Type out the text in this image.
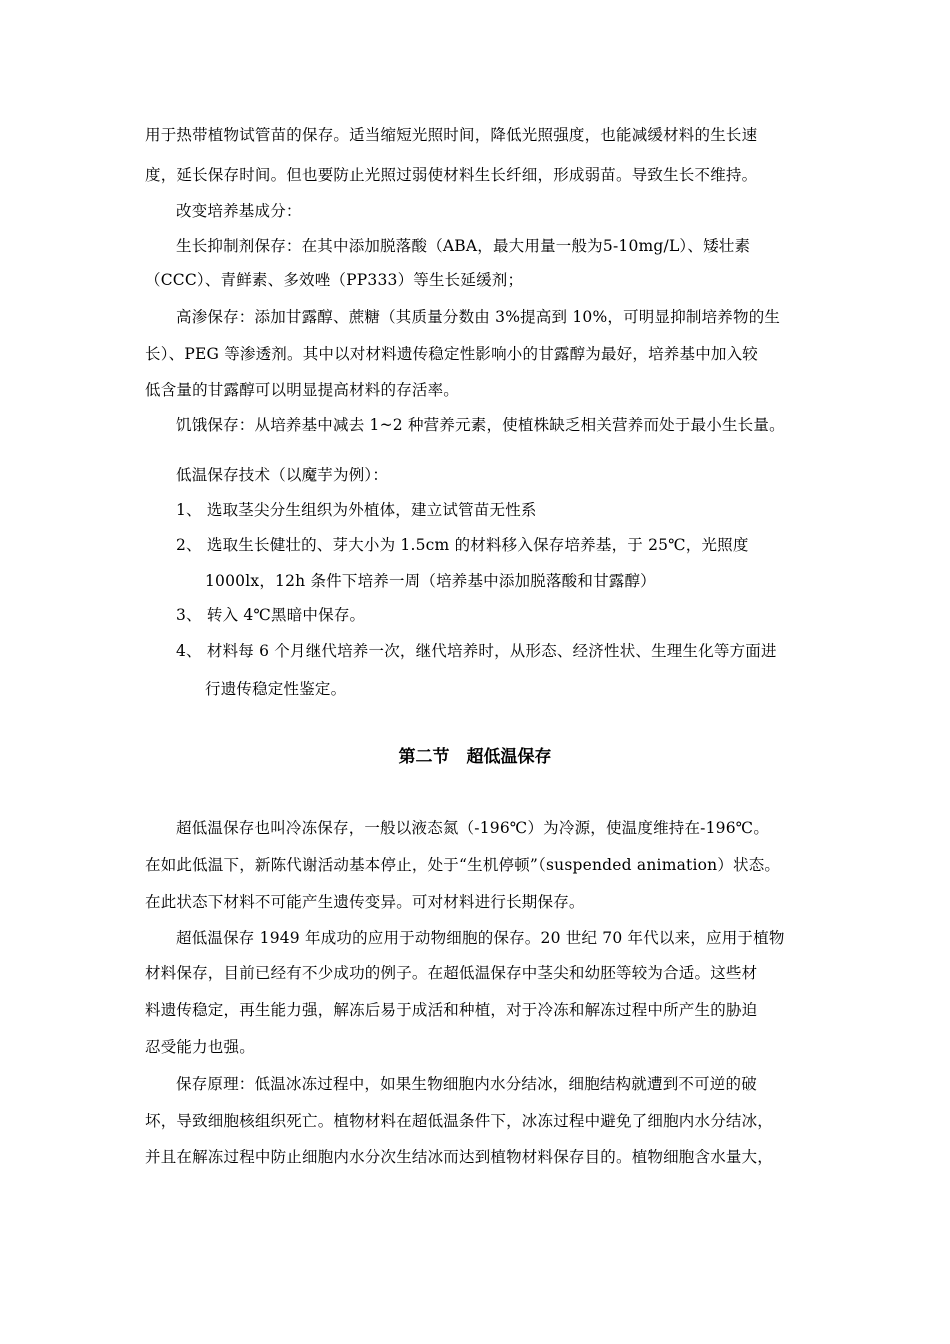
用于热带植物试管苗的保存。适当缩短光照时间，降低光照强度，也能减缓材料的生长速
度，延长保存时间。但也要防止光照过弱使材料生长纤细，形成弱苗。导致生长不维持。
改变培养基成分：
生长抑制剂保存：在其中添加脱落酸（ABA，最大用量一般为5-10mg/L）、矮壮素
（CCC）、青鲜素、多效唑（PP333）等生长延缓剂；
高渗保存：添加甘露醇、蔗糖（其质量分数由 3%提高到 10%，可明显抑制培养物的生
长）、PEG 等渗透剂。其中以对材料遗传稳定性影响小的甘露醇为最好，培养基中加入较
低含量的甘露醇可以明显提高材料的存活率。
饥饿保存：从培养基中减去 1~2 种营养元素，使植株缺乏相关营养而处于最小生长量。
低温保存技术（以魔芋为例）：
1、 选取茎尖分生组织为外植体，建立试管苗无性系
2、 选取生长健壮的、芽大小为 1.5cm 的材料移入保存培养基，于 25℃，光照度
1000lx，12h 条件下培养一周（培养基中添加脱落酸和甘露醇）
3、 转入 4℃黑暗中保存。
4、 材料每 6 个月继代培养一次，继代培养时，从形态、经济性状、生理生化等方面进
行遗传稳定性鉴定。
第二节　超低温保存
超低温保存也叫冷冻保存，一般以液态氮（-196℃）为冷源，使温度维持在-196℃。
在如此低温下，新陈代谢活动基本停止，处于“生机停顿”（suspended animation）状态。
在此状态下材料不可能产生遗传变异。可对材料进行长期保存。
超低温保存 1949 年成功的应用于动物细胞的保存。20 世纪 70 年代以来，应用于植物
材料保存，目前已经有不少成功的例子。在超低温保存中茎尖和幼胚等较为合适。这些材
料遗传稳定，再生能力强，解冻后易于成活和种植，对于冷冻和解冻过程中所产生的胁迫
忍受能力也强。
保存原理：低温冰冻过程中，如果生物细胞内水分结冰，细胞结构就遭到不可逆的破
坏，导致细胞核组织死亡。植物材料在超低温条件下，冰冻过程中避免了细胞内水分结冰，
并且在解冻过程中防止细胞内水分次生结冰而达到植物材料保存目的。植物细胞含水量大，
